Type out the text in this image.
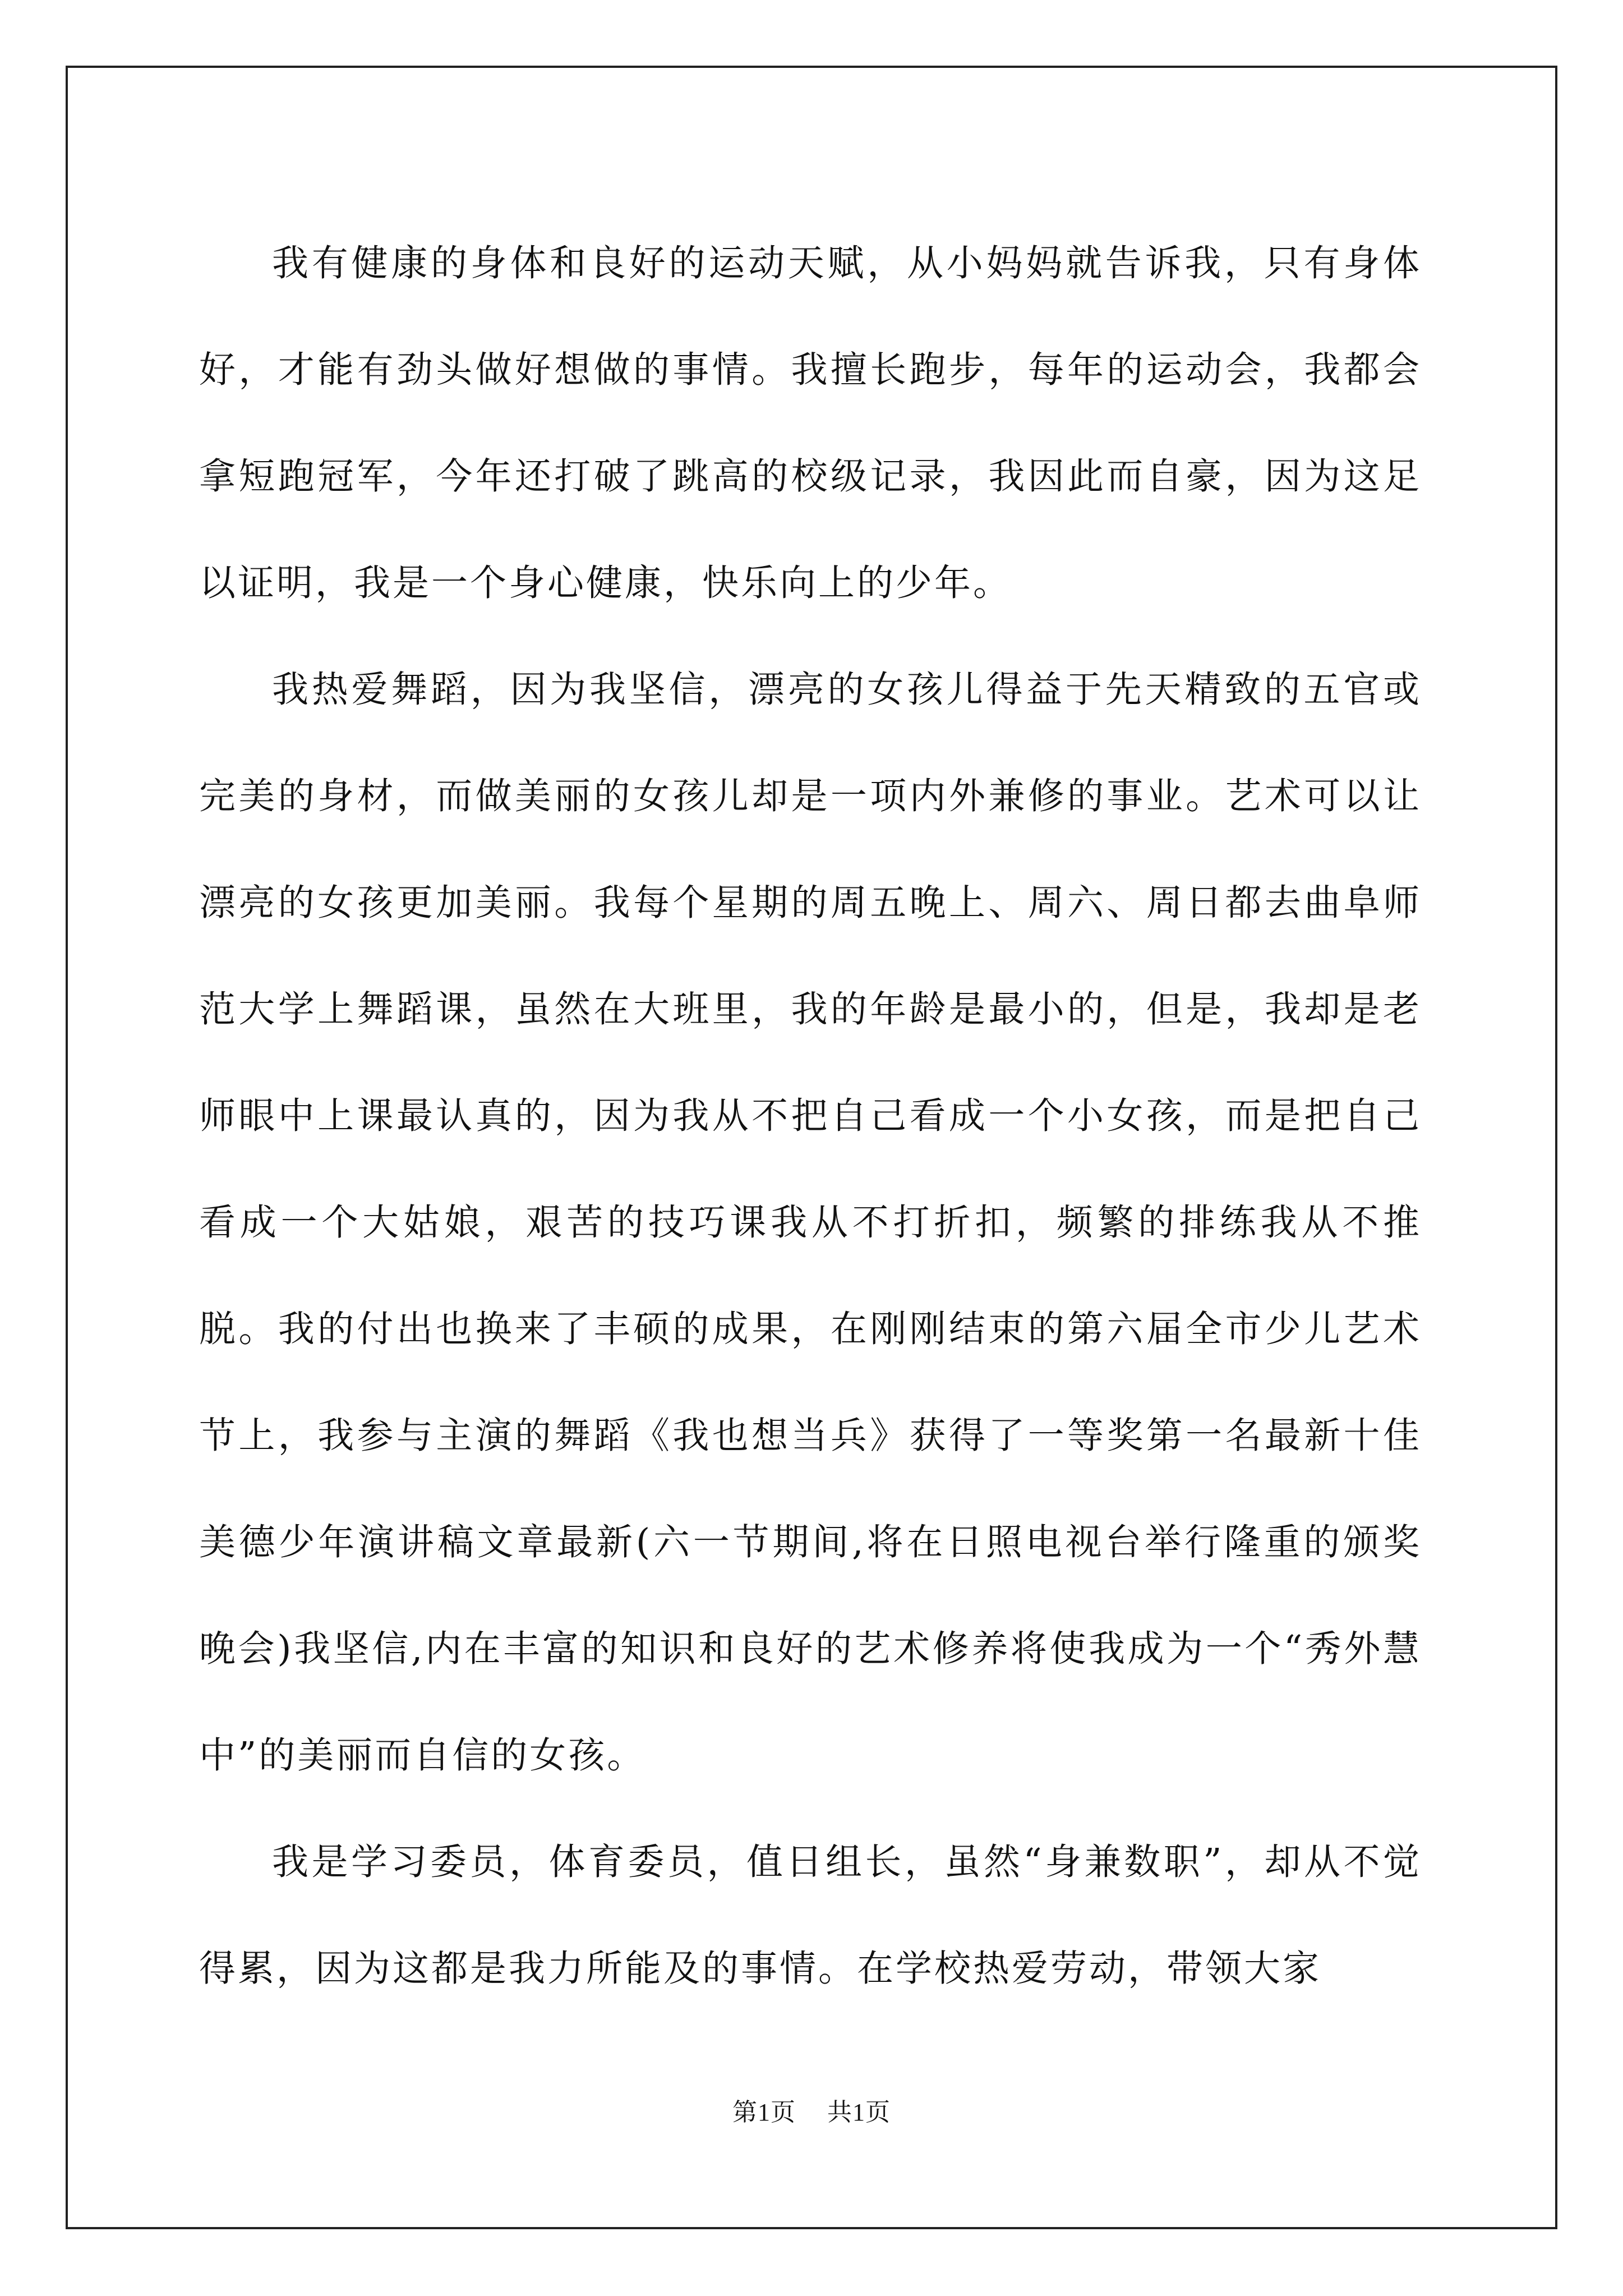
我有健康的身体和良好的运动天赋，从小妈妈就告诉我，只有身体好，才能有劲头做好想做的事情。我擅长跑步，每年的运动会，我都会拿短跑冠军，今年还打破了跳高的校级记录，我因此而自豪，因为这足以证明，我是一个身心健康，快乐向上的少年。

我热爱舞蹈，因为我坚信，漂亮的女孩儿得益于先天精致的五官或完美的身材，而做美丽的女孩儿却是一项内外兼修的事业。艺术可以让漂亮的女孩更加美丽。我每个星期的周五晚上、周六、周日都去曲阜师范大学上舞蹈课，虽然在大班里，我的年龄是最小的，但是，我却是老师眼中上课最认真的，因为我从不把自己看成一个小女孩，而是把自己看成一个大姑娘，艰苦的技巧课我从不打折扣，频繁的排练我从不推脱。我的付出也换来了丰硕的成果，在刚刚结束的第六届全市少儿艺术节上，我参与主演的舞蹈《我也想当兵》获得了一等奖第一名最新十佳美德少年演讲稿文章最新(六一节期间,将在日照电视台举行隆重的颁奖晚会)我坚信,内在丰富的知识和良好的艺术修养将使我成为一个“秀外慧中”的美丽而自信的女孩。

我是学习委员，体育委员，值日组长，虽然“身兼数职”，却从不觉得累，因为这都是我力所能及的事情。在学校热爱劳动，带领大家

第1页 共1页
